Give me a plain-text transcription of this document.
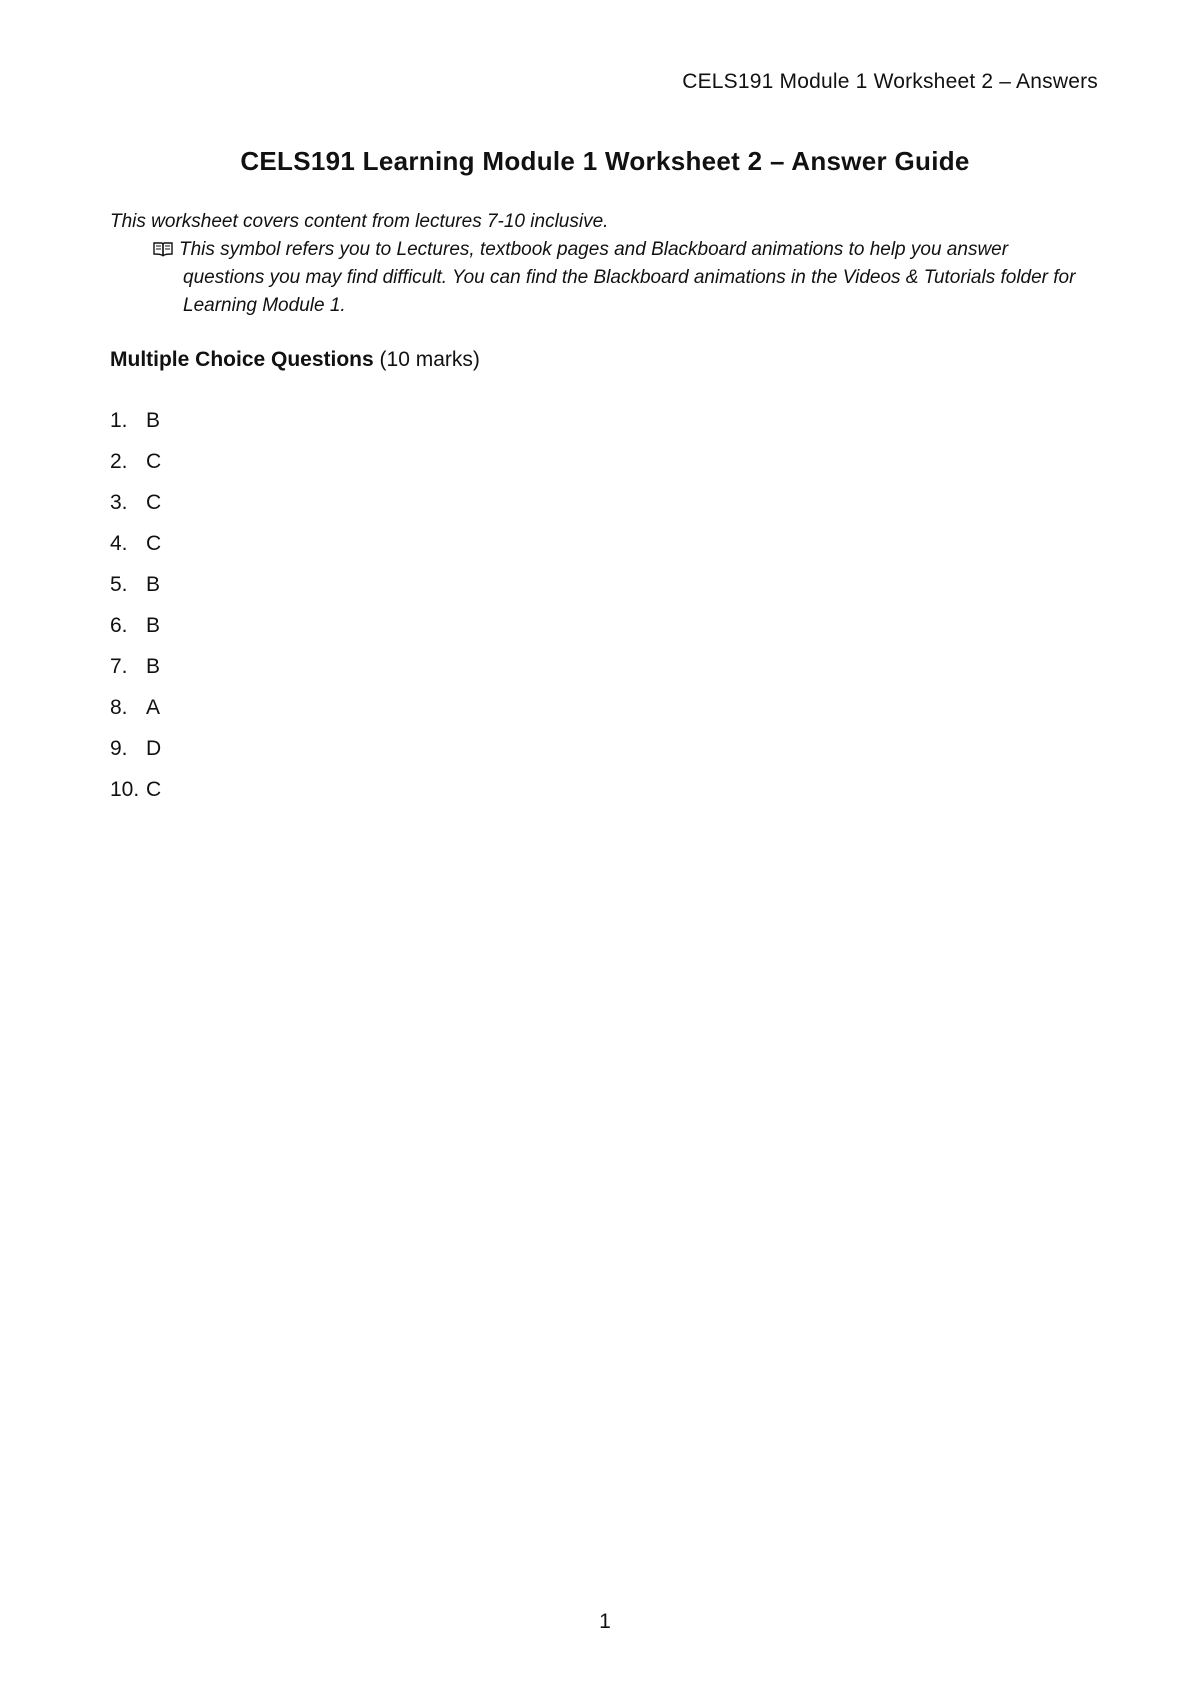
CELS191 Module 1 Worksheet 2 – Answers
CELS191 Learning Module 1 Worksheet 2 – Answer Guide
This worksheet covers content from lectures 7-10 inclusive.
This symbol refers you to Lectures, textbook pages and Blackboard animations to help you answer questions you may find difficult. You can find the Blackboard animations in the Videos & Tutorials folder for Learning Module 1.
Multiple Choice Questions (10 marks)
1. B
2. C
3. C
4. C
5. B
6. B
7. B
8. A
9. D
10. C
1
